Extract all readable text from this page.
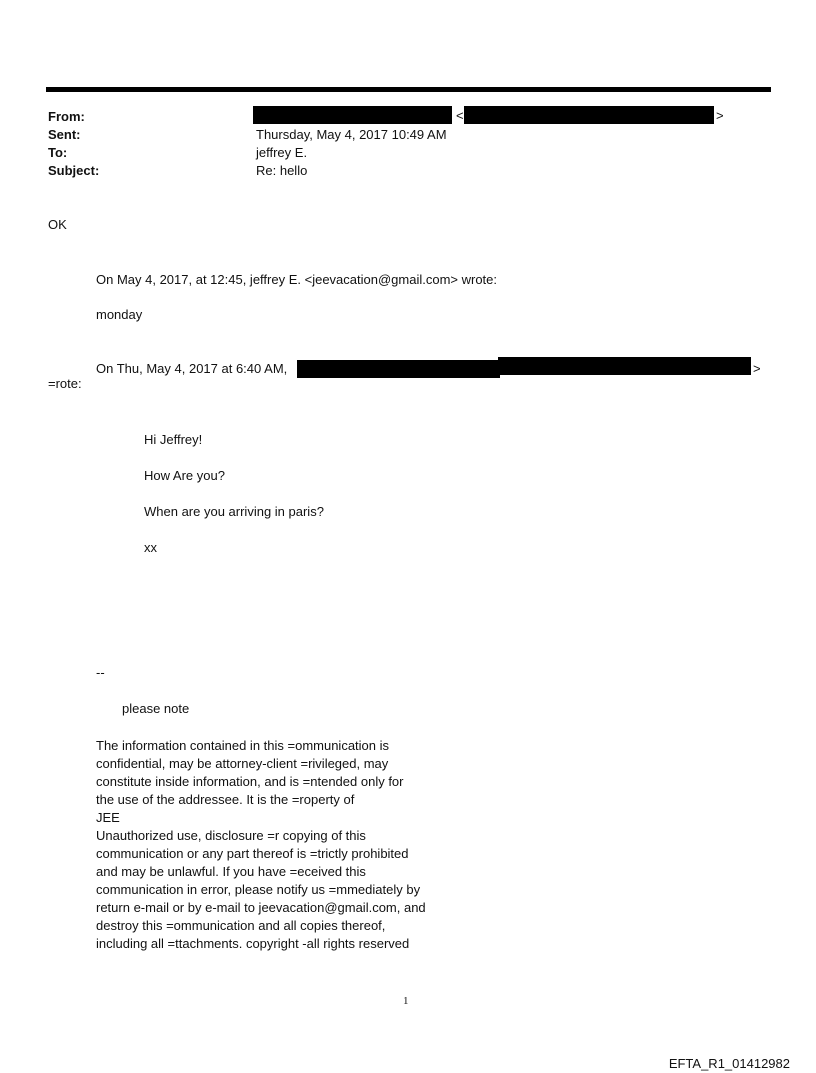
From:	<	>
Sent:	Thursday, May 4, 2017 10:49 AM
To:	jeffrey E.
Subject:	Re: hello
OK
On May 4, 2017, at 12:45, jeffrey E. <jeevacation@gmail.com> wrote:
monday
On Thu, May 4, 2017 at 6:40 AM,	>
=rote:
Hi Jeffrey!
How Are you?
When are you arriving in paris?
xx
--
please note
The information contained in this =ommunication is
confidential, may be attorney-client =rivileged, may
constitute inside information, and is =ntended only for
the use of the addressee. It is the =roperty of
JEE
Unauthorized use, disclosure =r copying of this
communication or any part thereof is =trictly prohibited
and may be unlawful. If you have =eceived this
communication in error, please notify us =mmediately by
return e-mail or by e-mail to jeevacation@gmail.com, and
destroy this =ommunication and all copies thereof,
including all =ttachments. copyright -all rights reserved
1
EFTA_R1_01412982
